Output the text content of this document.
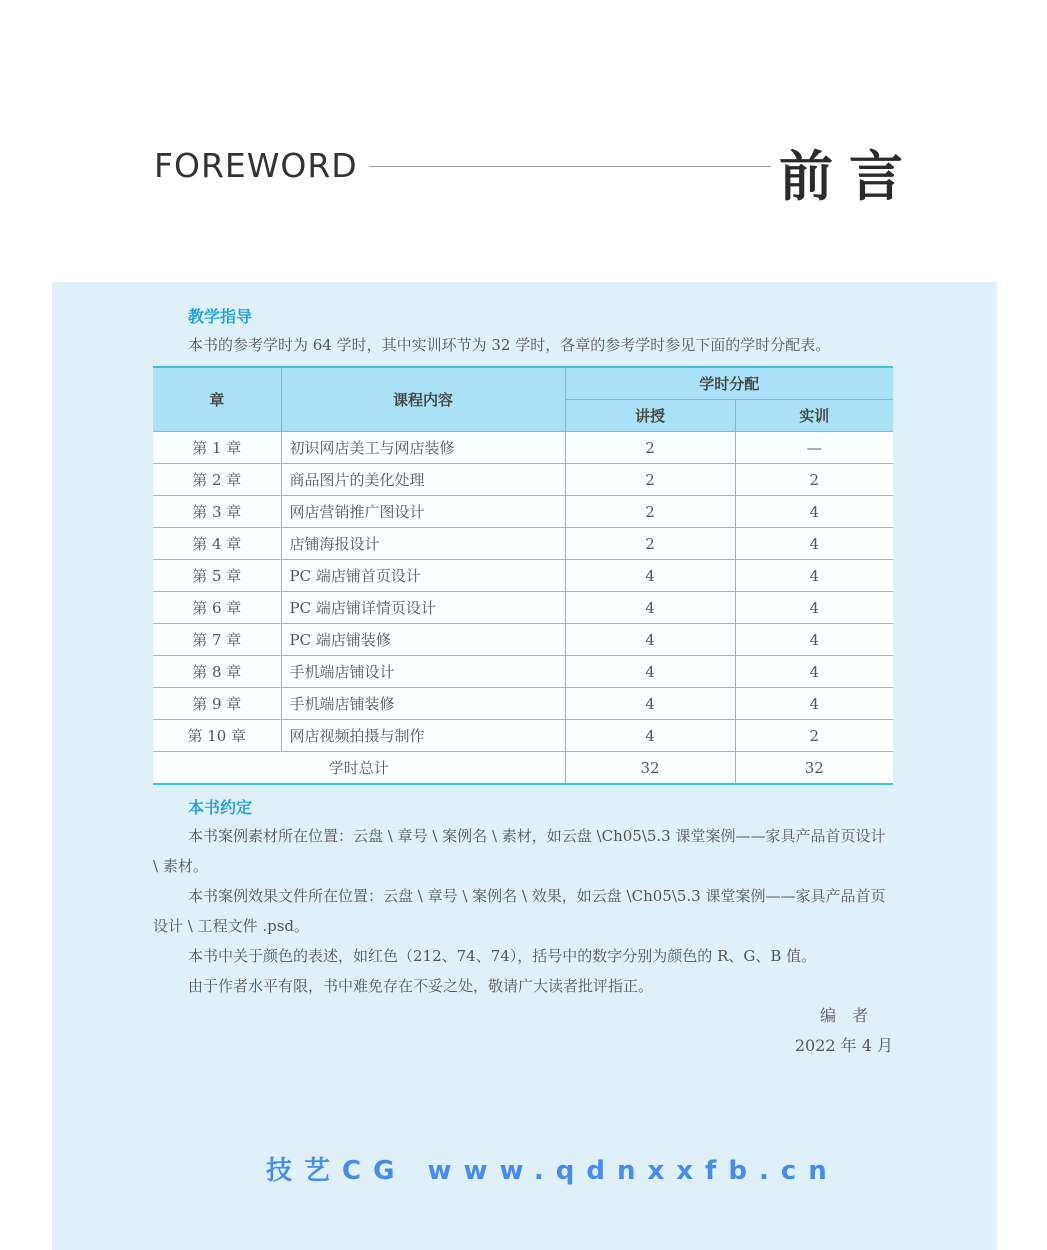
FOREWORD	前言
教学指导

本书的参考学时为 64 学时，其中实训环节为 32 学时，各章的参考学时参见下面的学时分配表。

章	课程内容	学时分配	
		讲授	实训
第 1 章	初识网店美工与网店装修	2	—
第 2 章	商品图片的美化处理	2	2
第 3 章	网店营销推广图设计	2	4
第 4 章	店铺海报设计	2	4
第 5 章	PC 端店铺首页设计	4	4
第 6 章	PC 端店铺详情页设计	4	4
第 7 章	PC 端店铺装修	4	4
第 8 章	手机端店铺设计	4	4
第 9 章	手机端店铺装修	4	4
第 10 章	网店视频拍摄与制作	4	2
学时总计		32	32
本书约定

本书案例素材所在位置：云盘 \ 章号 \ 案例名 \ 素材，如云盘 \Ch05\5.3 课堂案例——家具产品首页设计 \ 素材。

本书案例效果文件所在位置：云盘 \ 章号 \ 案例名 \ 效果，如云盘 \Ch05\5.3 课堂案例——家具产品首页设计 \ 工程文件 .psd。

本书中关于颜色的表述，如红色（212、74、74），括号中的数字分别为颜色的 R、G、B 值。

由于作者水平有限，书中难免存在不妥之处，敬请广大读者批评指正。

编　者
2022 年 4 月
技艺CG www.qdnxxfb.cn
